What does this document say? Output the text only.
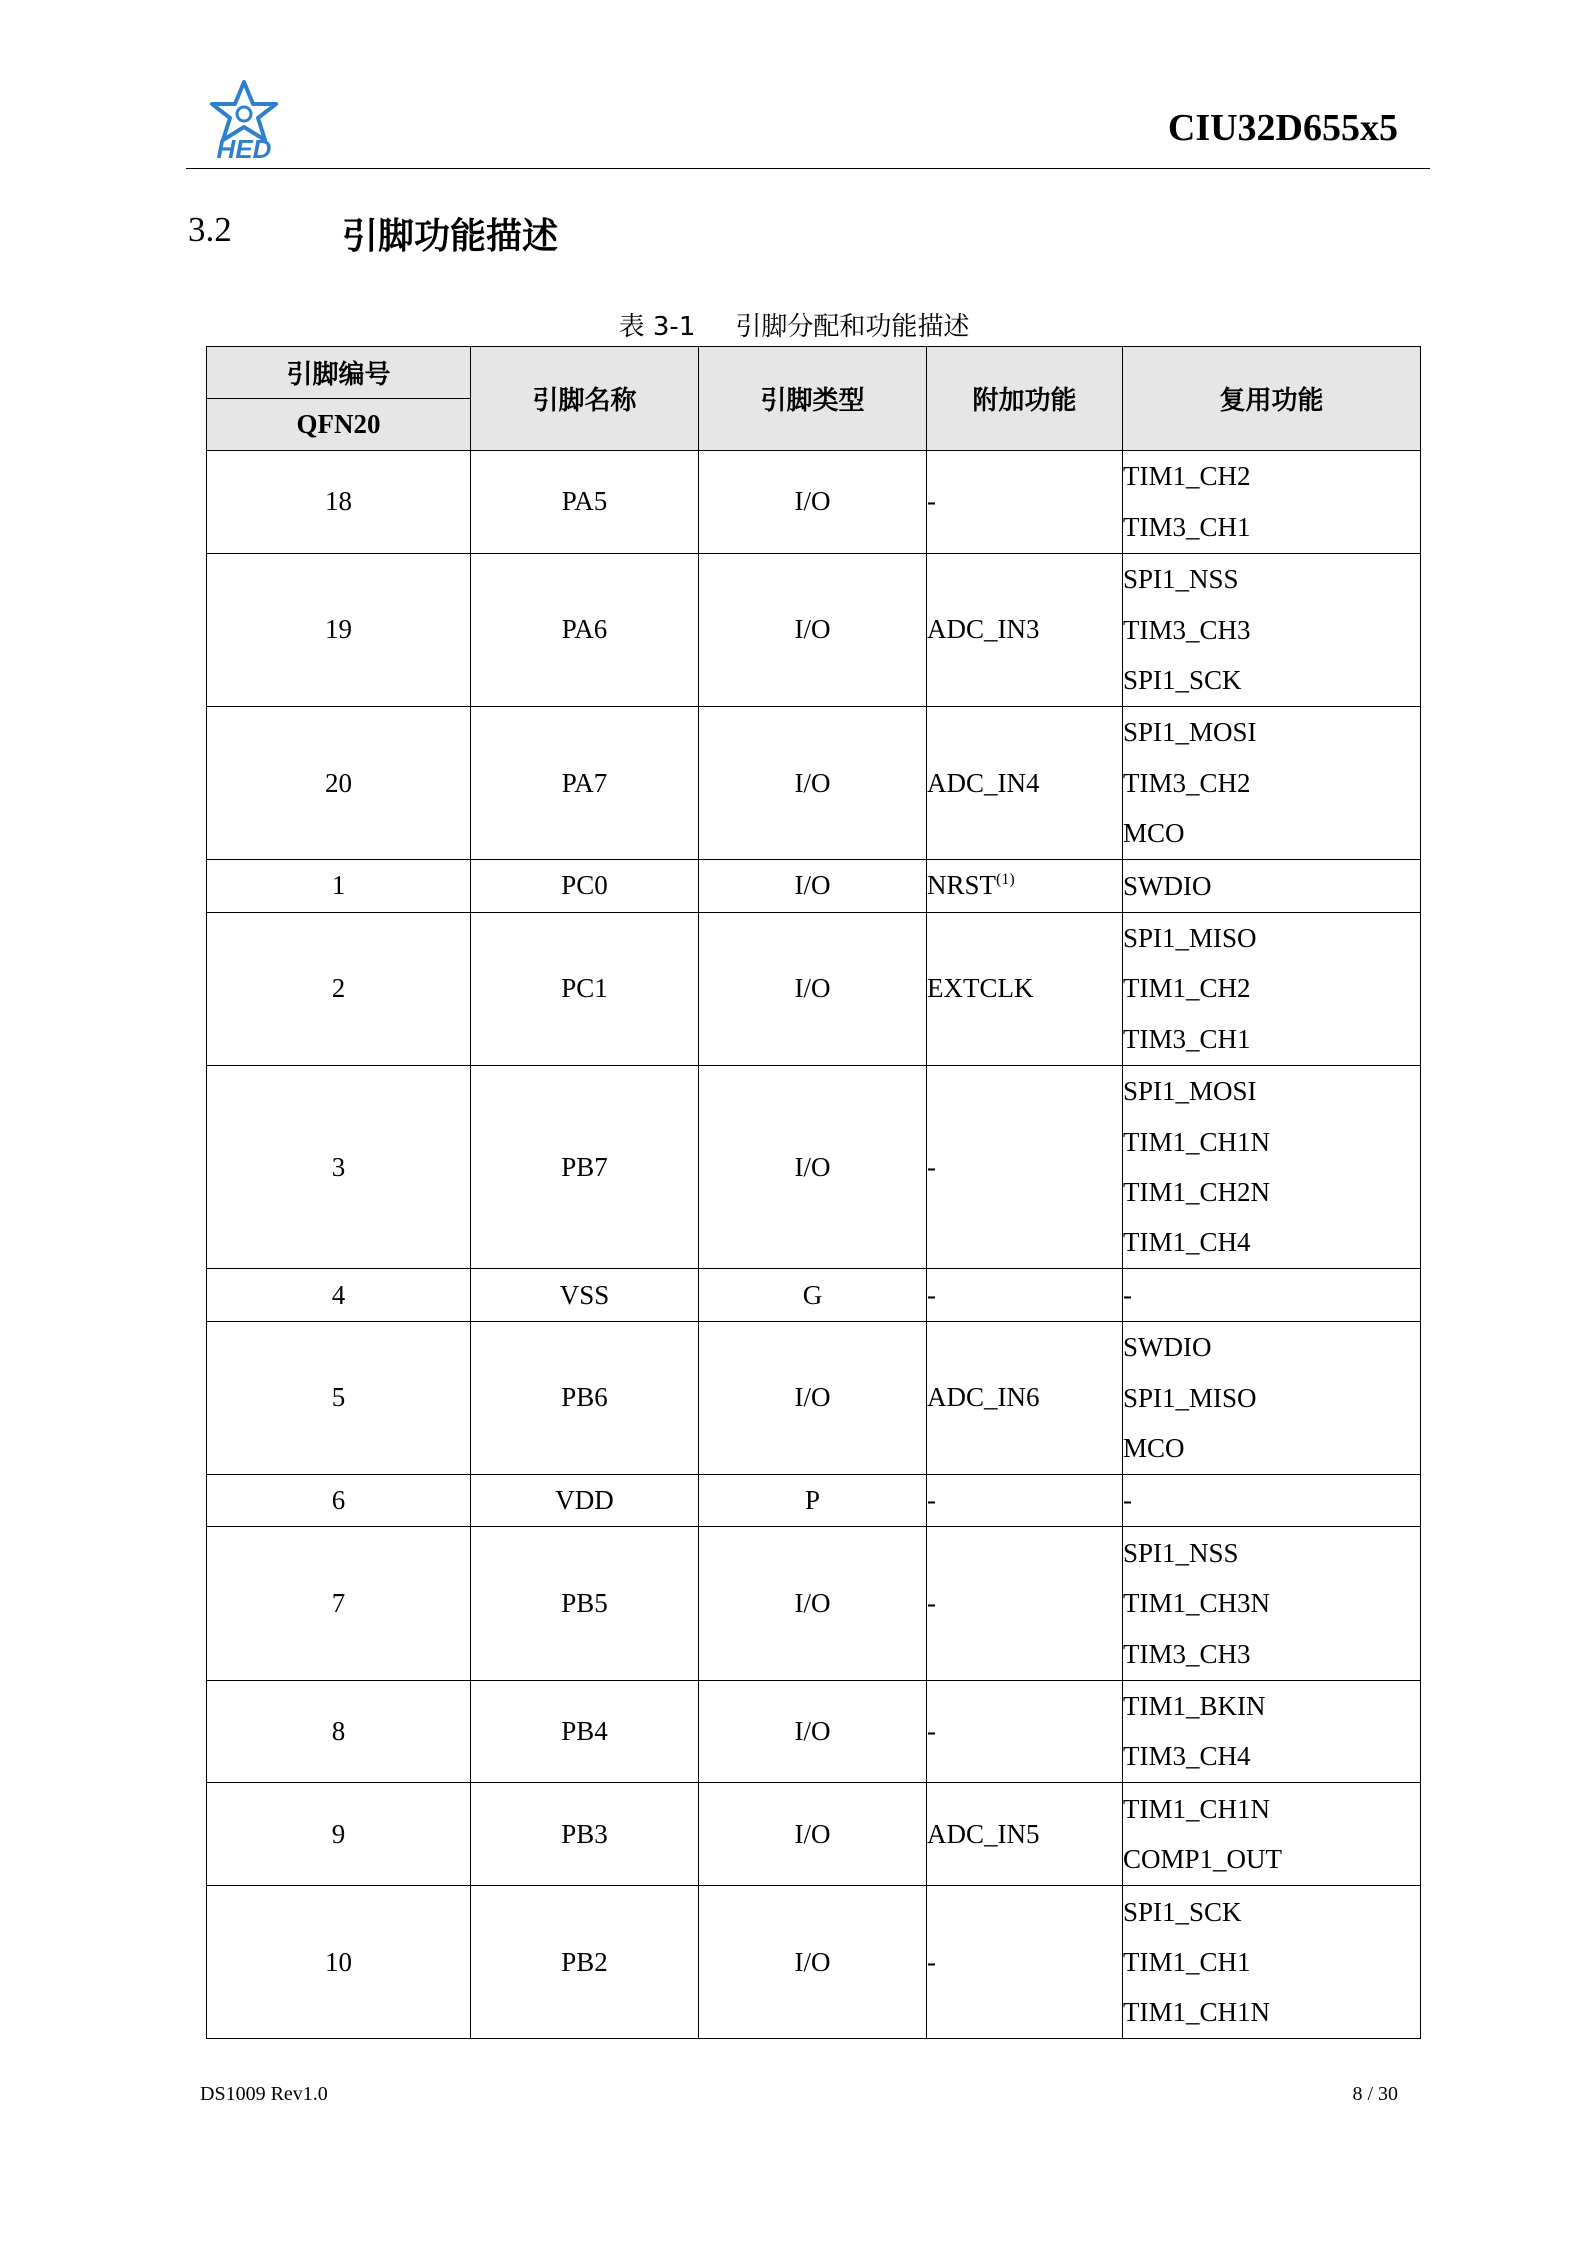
HED	CIU32D655x5
3.2	引脚功能描述
表 3-1 引脚分配和功能描述
引脚编号	引脚名称	引脚类型	附加功能	复用功能
QFN20				
18	PA5	I/O	-	TIM1_CH2
TIM3_CH1

19	PA6	I/O	ADC_IN3	SPI1_NSS
TIM3_CH3
SPI1_SCK

20	PA7	I/O	ADC_IN4	SPI1_MOSI
TIM3_CH2
MCO

1	PC0	I/O	NRST$^{(1)}$	SWDIO

2	PC1	I/O	EXTCLK	SPI1_MISO
TIM1_CH2
TIM3_CH1

3	PB7	I/O	-	SPI1_MOSI
TIM1_CH1N
TIM1_CH2N
TIM1_CH4

4	VSS	G	-	-

5	PB6	I/O	ADC_IN6	SWDIO
SPI1_MISO
MCO

6	VDD	P	-	-

7	PB5	I/O	-	SPI1_NSS
TIM1_CH3N
TIM3_CH3

8	PB4	I/O	-	TIM1_BKIN
TIM3_CH4

9	PB3	I/O	ADC_IN5	TIM1_CH1N
COMP1_OUT

10	PB2	I/O	-	SPI1_SCK
TIM1_CH1
TIM1_CH1N
DS1009 Rev1.0	8 / 30
